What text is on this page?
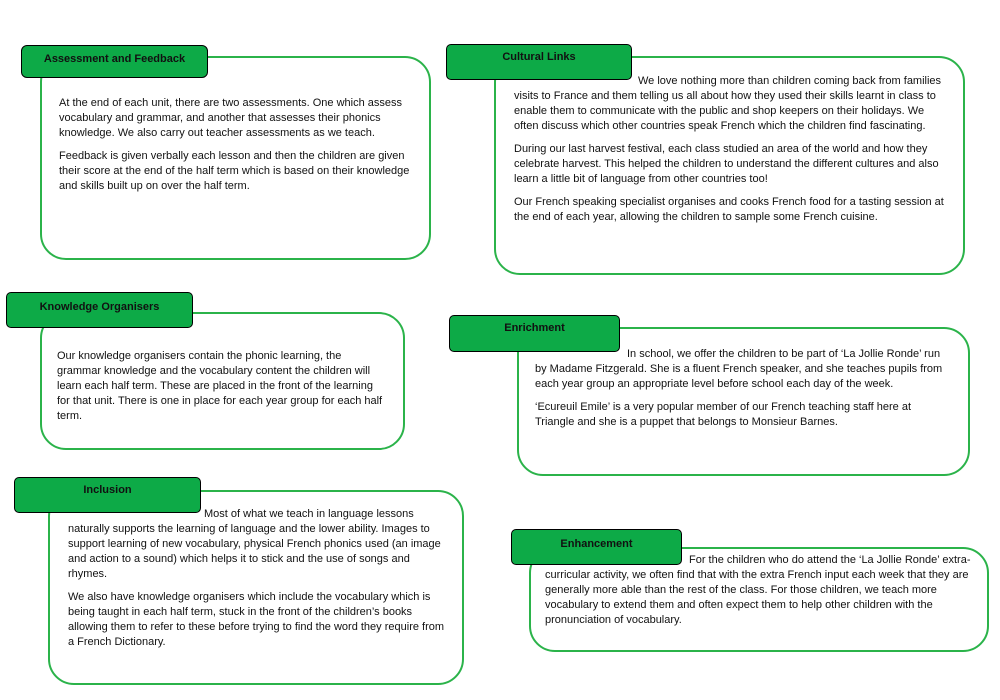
At the end of each unit, there are two assessments. One which assess vocabulary and grammar, and another that assesses their phonics knowledge. We also carry out teacher assessments as we teach.

Feedback is given verbally each lesson and then the children are given their score at the end of the half term which is based on their knowledge and skills built up on over the half term.

Assessment and Feedback

We love nothing more than children coming back from families visits to France and them telling us all about how they used their skills learnt in class to enable them to communicate with the public and shop keepers on their holidays. We often discuss which other countries speak French which the children find fascinating.

During our last harvest festival, each class studied an area of the world and how they celebrate harvest. This helped the children to understand the different cultures and also learn a little bit of language from other countries too!

Our French speaking specialist organises and cooks French food for a tasting session at the end of each year, allowing the children to sample some French cuisine.

Cultural Links

Our knowledge organisers contain the phonic learning, the grammar knowledge and the vocabulary content the children will learn each half term. These are placed in the front of the learning for that unit. There is one in place for each year group for each half term.

Knowledge Organisers

In school, we offer the children to be part of ‘La Jollie Ronde’ run by Madame Fitzgerald. She is a fluent French speaker, and she teaches pupils from each year group an appropriate level before school each day of the week.

‘Ecureuil Emile’ is a very popular member of our French teaching staff here at Triangle and she is a puppet that belongs to Monsieur Barnes.

Enrichment

Most of what we teach in language lessons naturally supports the learning of language and the lower ability. Images to support learning of new vocabulary, physical French phonics used (an image and action to a sound) which helps it to stick and the use of songs and rhymes.

We also have knowledge organisers which include the vocabulary which is being taught in each half term, stuck in the front of the children’s books allowing them to refer to these before trying to find the word they require from a French Dictionary.

Inclusion

For the children who do attend the ‘La Jollie Ronde’ extra-curricular activity, we often find that with the extra French input each week that they are generally more able than the rest of the class. For those children, we teach more vocabulary to extend them and often expect them to help other children with the pronunciation of vocabulary.

Enhancement
